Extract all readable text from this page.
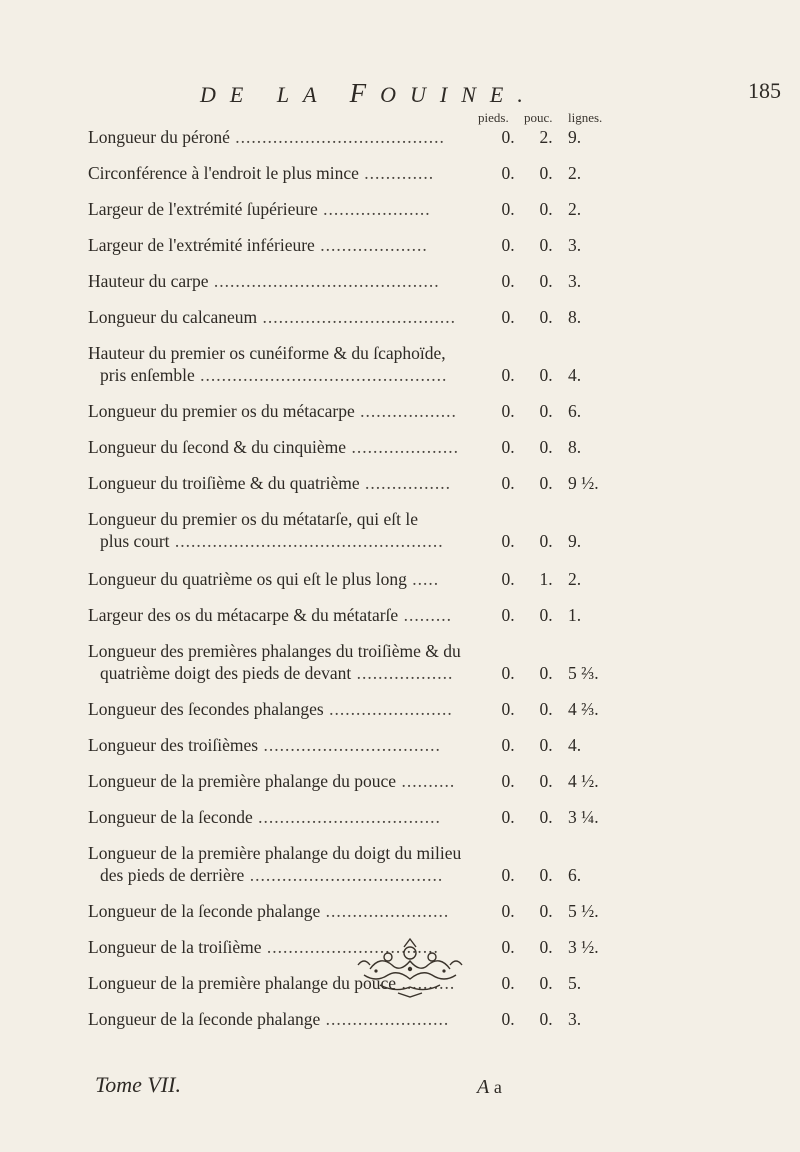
DE LA FOUINE.	185
pieds. pouc. lignes.
Longueur du péroné .......................................	0.	2. 9.
Circonférence à l'endroit le plus mince .............	0.	0. 2.
Largeur de l'extrémité ſupérieure ....................	0.	0. 2.
Largeur de l'extrémité inférieure ....................	0.	0. 3.
Hauteur du carpe ..........................................	0.	0. 3.
Longueur du calcaneum ....................................	0.	0. 8.
Hauteur du premier os cunéiforme & du ſcaphoïde,
pris enſemble ..............................................	0.	0. 4.
Longueur du premier os du métacarpe ..................	0.	0. 6.
Longueur du ſecond & du cinquième ....................	0.	0. 8.
Longueur du troiſième & du quatrième ................	0.	0. 9 ½.
Longueur du premier os du métatarſe, qui eſt le
plus court ..................................................	0.	0. 9.
Longueur du quatrième os qui eſt le plus long .....	0.	1. 2.
Largeur des os du métacarpe & du métatarſe .........	0.	0. 1.
Longueur des premières phalanges du troiſième & du
quatrième doigt des pieds de devant ..................	0.	0. 5 ⅔.
Longueur des ſecondes phalanges .......................	0.	0. 4 ⅔.
Longueur des troiſièmes .................................	0.	0. 4.
Longueur de la première phalange du pouce ..........	0.	0. 4 ½.
Longueur de la ſeconde ..................................	0.	0. 3 ¼.
Longueur de la première phalange du doigt du milieu
des pieds de derrière ....................................	0.	0. 6.
Longueur de la ſeconde phalange .......................	0.	0. 5 ½.
Longueur de la troiſième ................................	0.	0. 3 ½.
Longueur de la première phalange du pouce ..........	0.	0. 5.
Longueur de la ſeconde phalange .......................	0.	0. 3.
Tome VII.	A a
